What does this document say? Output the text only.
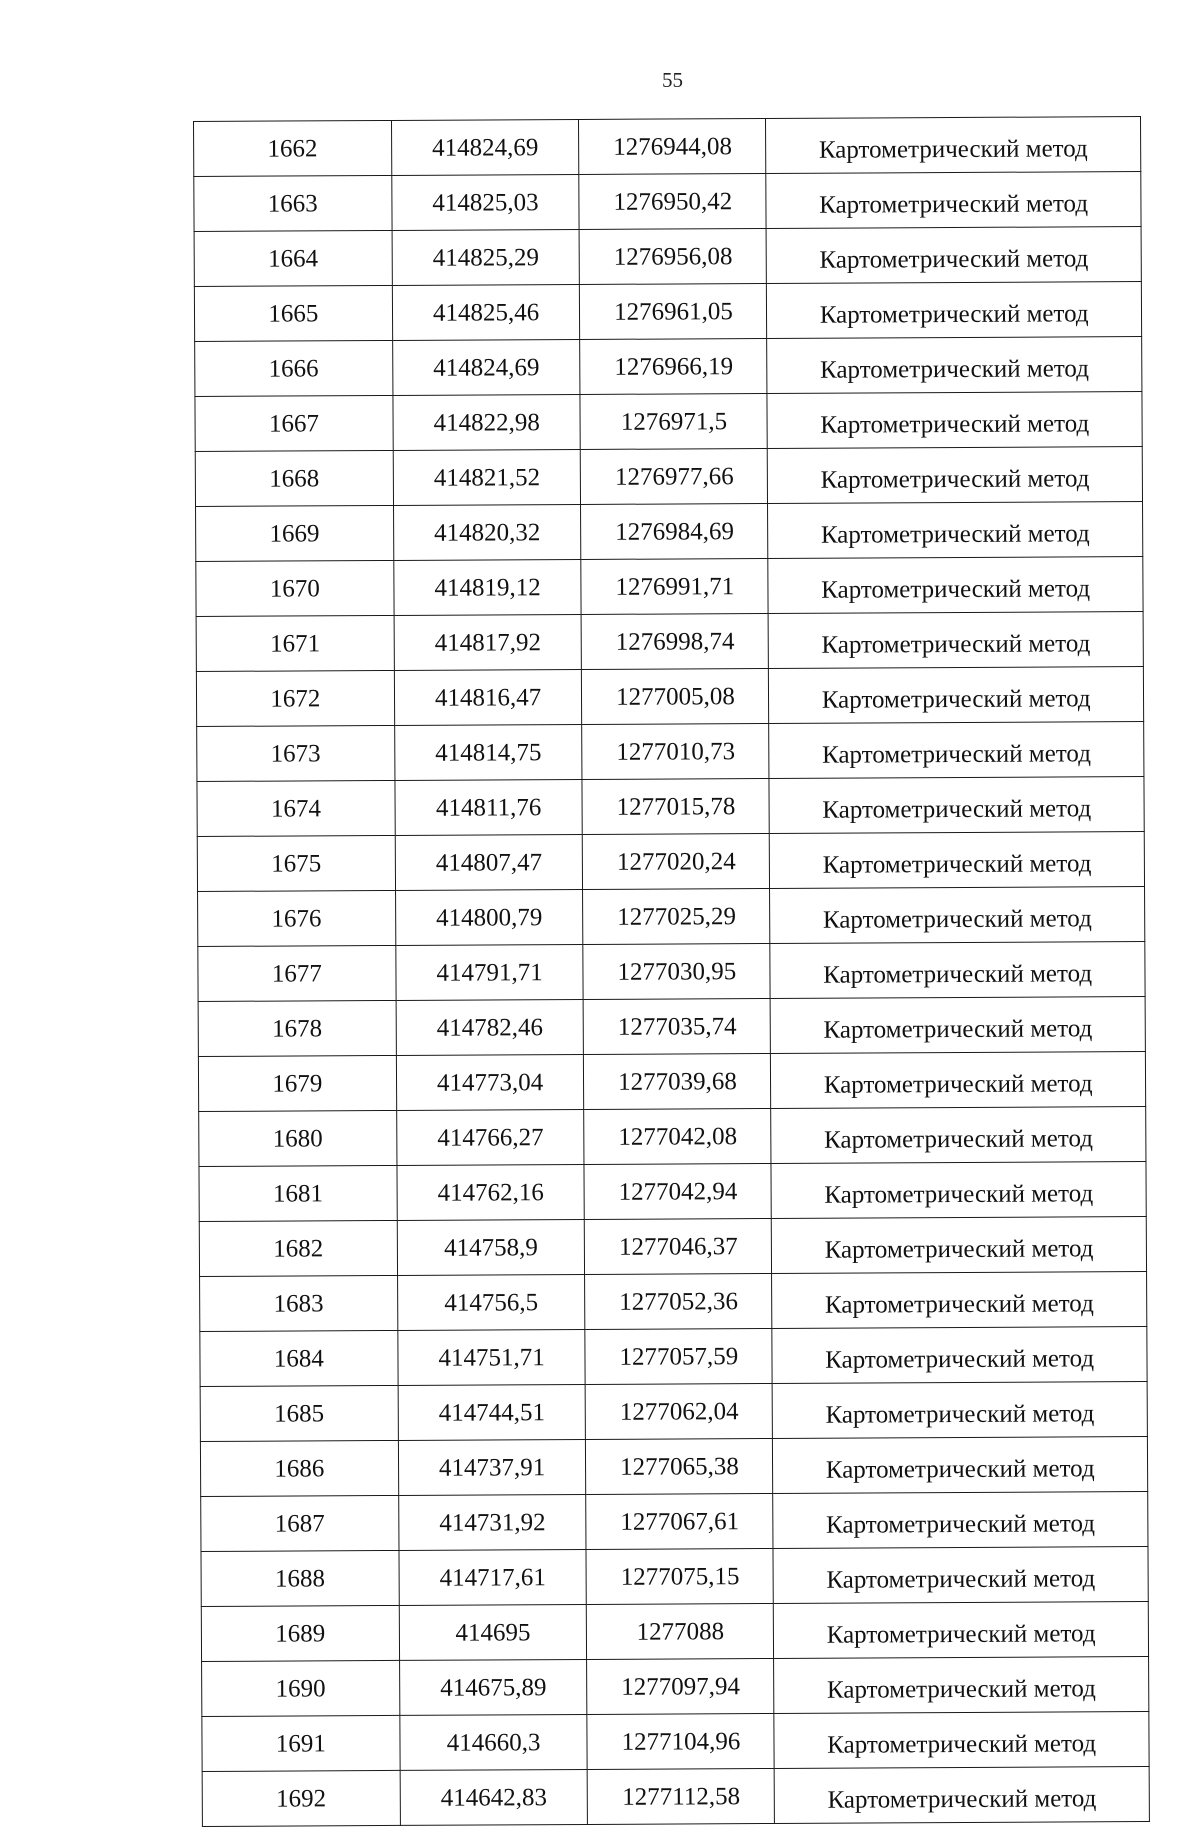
55
1662	414824,69	1276944,08	Картометрический метод
1663	414825,03	1276950,42	Картометрический метод
1664	414825,29	1276956,08	Картометрический метод
1665	414825,46	1276961,05	Картометрический метод
1666	414824,69	1276966,19	Картометрический метод
1667	414822,98	1276971,5	Картометрический метод
1668	414821,52	1276977,66	Картометрический метод
1669	414820,32	1276984,69	Картометрический метод
1670	414819,12	1276991,71	Картометрический метод
1671	414817,92	1276998,74	Картометрический метод
1672	414816,47	1277005,08	Картометрический метод
1673	414814,75	1277010,73	Картометрический метод
1674	414811,76	1277015,78	Картометрический метод
1675	414807,47	1277020,24	Картометрический метод
1676	414800,79	1277025,29	Картометрический метод
1677	414791,71	1277030,95	Картометрический метод
1678	414782,46	1277035,74	Картометрический метод
1679	414773,04	1277039,68	Картометрический метод
1680	414766,27	1277042,08	Картометрический метод
1681	414762,16	1277042,94	Картометрический метод
1682	414758,9	1277046,37	Картометрический метод
1683	414756,5	1277052,36	Картометрический метод
1684	414751,71	1277057,59	Картометрический метод
1685	414744,51	1277062,04	Картометрический метод
1686	414737,91	1277065,38	Картометрический метод
1687	414731,92	1277067,61	Картометрический метод
1688	414717,61	1277075,15	Картометрический метод
1689	414695	1277088	Картометрический метод
1690	414675,89	1277097,94	Картометрический метод
1691	414660,3	1277104,96	Картометрический метод
1692	414642,83	1277112,58	Картометрический метод
